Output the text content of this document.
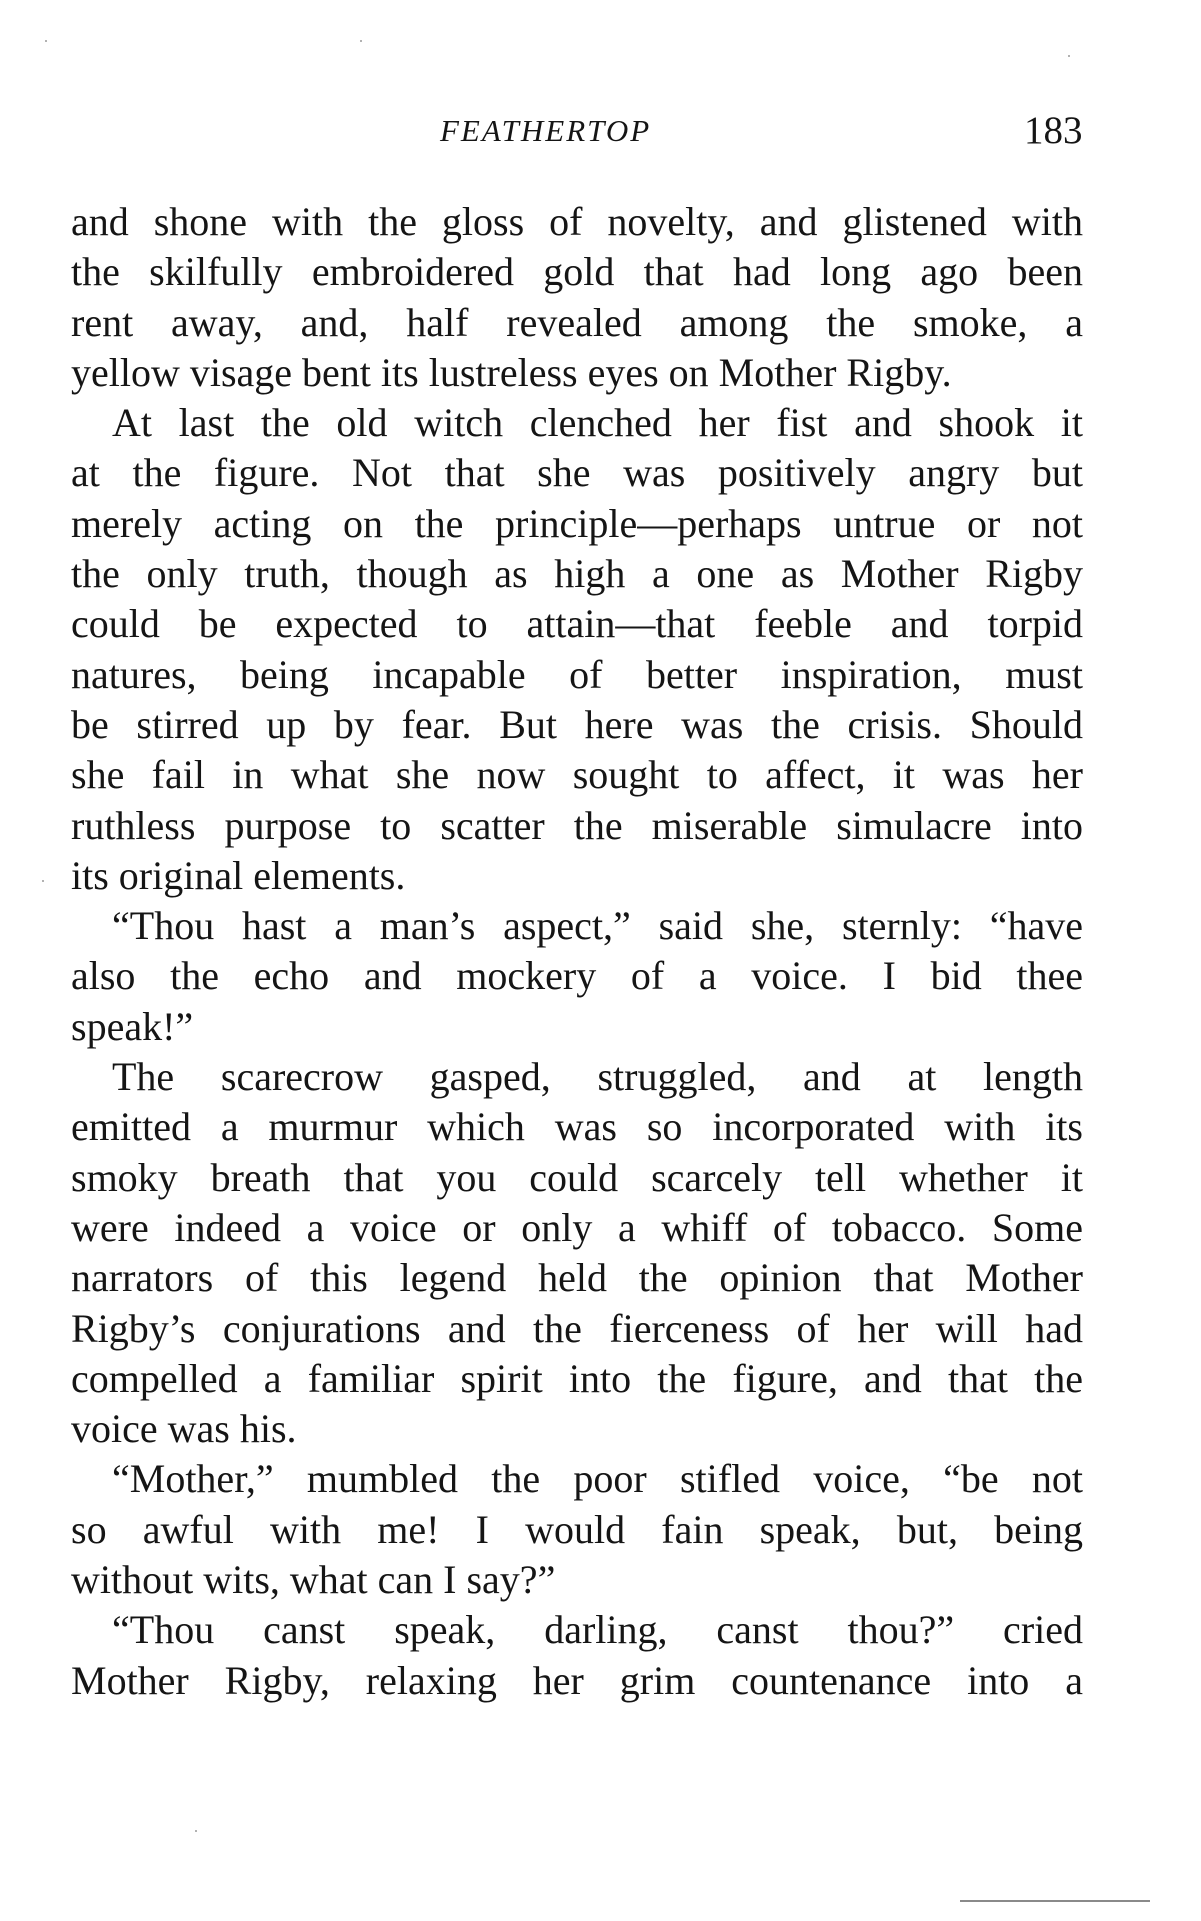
FEATHERTOP	183
and shone with the gloss of novelty, and glistened with
the skilfully embroidered gold that had long ago been
rent away, and, half revealed among the smoke, a
yellow visage bent its lustreless eyes on Mother Rigby.
At last the old witch clenched her fist and shook it
at the figure. Not that she was positively angry but
merely acting on the principle—perhaps untrue or not
the only truth, though as high a one as Mother Rigby
could be expected to attain—that feeble and torpid
natures, being incapable of better inspiration, must
be stirred up by fear. But here was the crisis. Should
she fail in what she now sought to affect, it was her
ruthless purpose to scatter the miserable simulacre into
its original elements.
“Thou hast a man’s aspect,” said she, sternly: “have
also the echo and mockery of a voice. I bid thee
speak!”
The scarecrow gasped, struggled, and at length
emitted a murmur which was so incorporated with its
smoky breath that you could scarcely tell whether it
were indeed a voice or only a whiff of tobacco. Some
narrators of this legend held the opinion that Mother
Rigby’s conjurations and the fierceness of her will had
compelled a familiar spirit into the figure, and that the
voice was his.
“Mother,” mumbled the poor stifled voice, “be not
so awful with me! I would fain speak, but, being
without wits, what can I say?”
“Thou canst speak, darling, canst thou?” cried
Mother Rigby, relaxing her grim countenance into a
